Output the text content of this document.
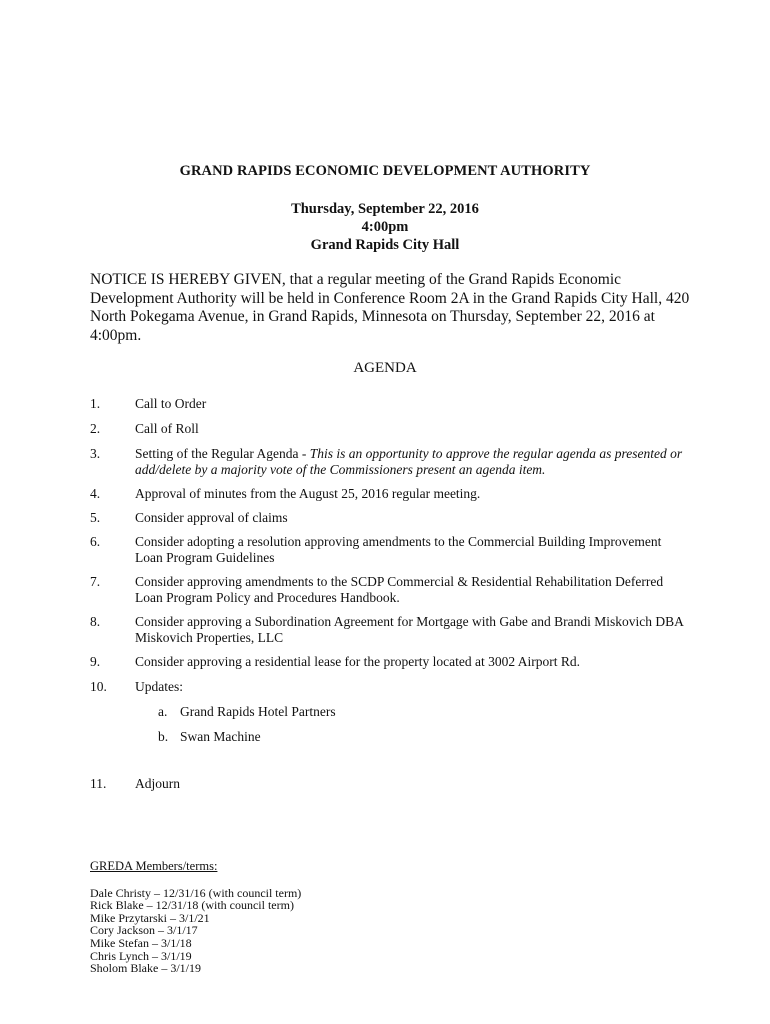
GRAND RAPIDS ECONOMIC DEVELOPMENT AUTHORITY
Thursday, September 22, 2016
4:00pm
Grand Rapids City Hall
NOTICE IS HEREBY GIVEN, that a regular meeting of the Grand Rapids Economic Development Authority will be held in Conference Room 2A in the Grand Rapids City Hall, 420 North Pokegama Avenue, in Grand Rapids, Minnesota on Thursday, September 22, 2016 at 4:00pm.
AGENDA
1.	Call to Order
2.	Call of Roll
3.	Setting of the Regular Agenda - This is an opportunity to approve the regular agenda as presented or add/delete by a majority vote of the Commissioners present an agenda item.
4.	Approval of minutes from the August 25, 2016 regular meeting.
5.	Consider approval of claims
6.	Consider adopting a resolution approving amendments to the Commercial Building Improvement Loan Program Guidelines
7.	Consider approving amendments to the SCDP Commercial & Residential Rehabilitation Deferred Loan Program Policy and Procedures Handbook.
8.	Consider approving a Subordination Agreement for Mortgage with Gabe and Brandi Miskovich DBA Miskovich Properties, LLC
9.	Consider approving a residential lease for the property located at 3002 Airport Rd.
10.	Updates:
a. Grand Rapids Hotel Partners
b. Swan Machine
11.	Adjourn
GREDA Members/terms:
Dale Christy – 12/31/16 (with council term)
Rick Blake – 12/31/18 (with council term)
Mike Przytarski – 3/1/21
Cory Jackson – 3/1/17
Mike Stefan – 3/1/18
Chris Lynch – 3/1/19
Sholom Blake – 3/1/19
